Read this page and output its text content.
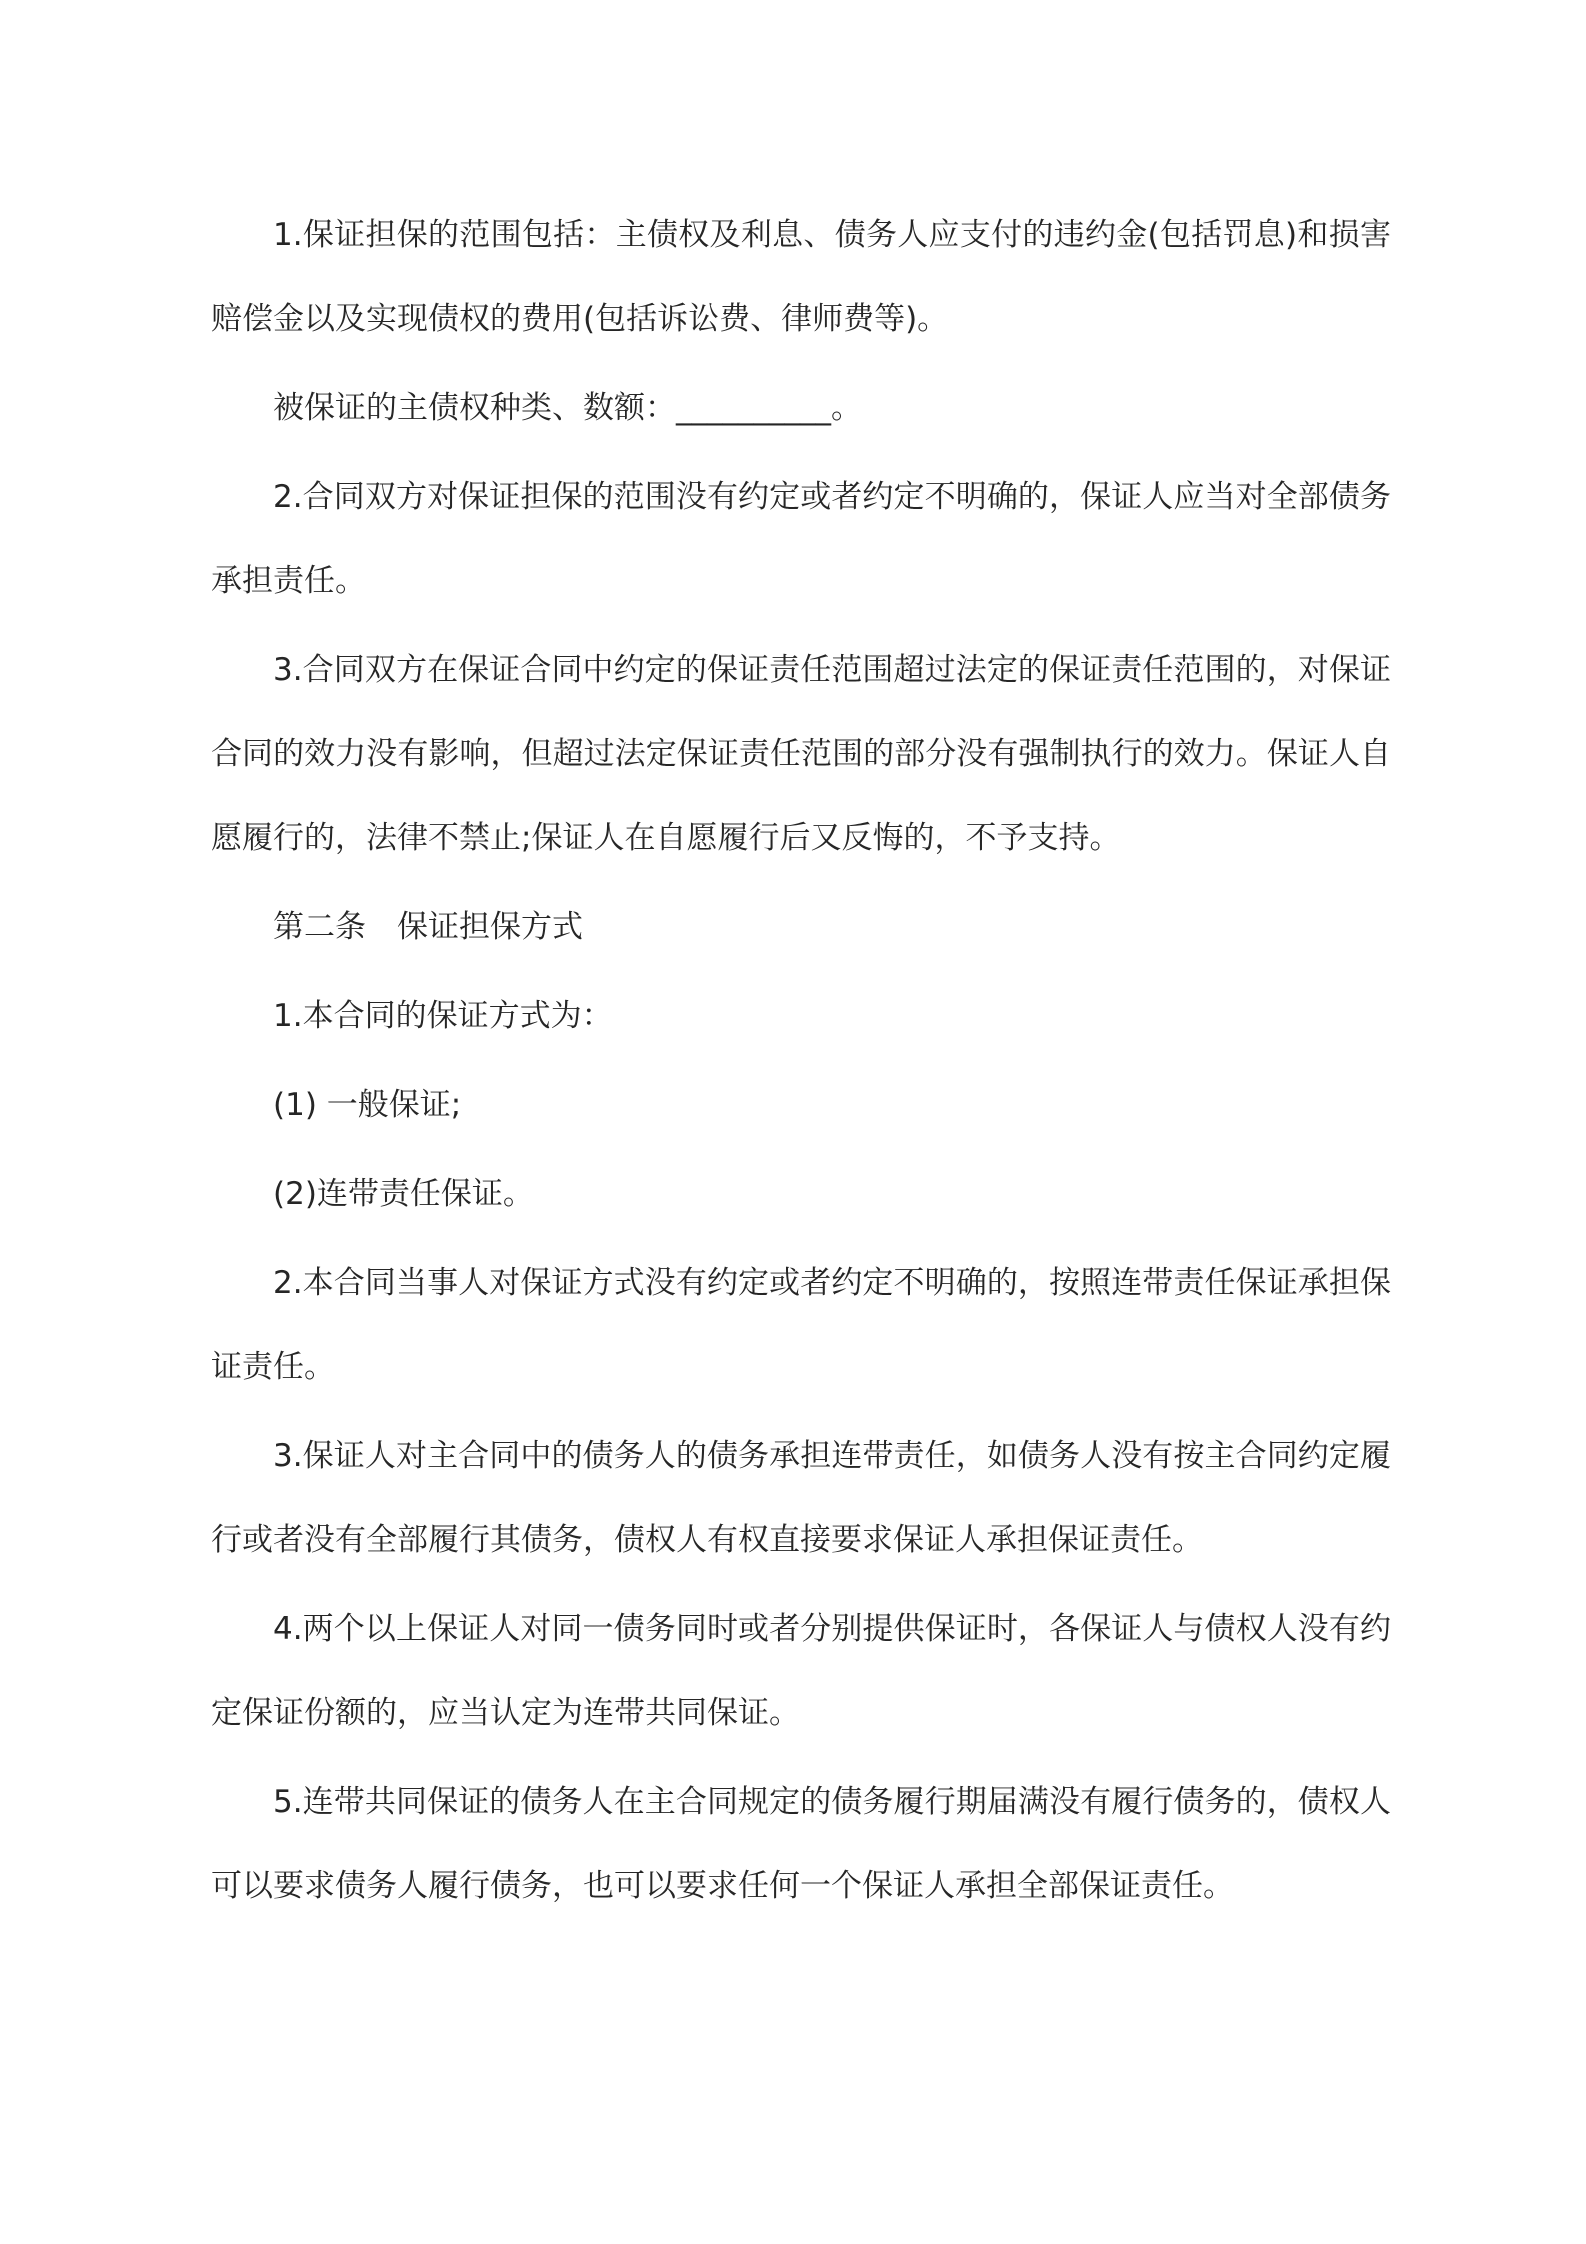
1.保证担保的范围包括：主债权及利息、债务人应支付的违约金(包括罚息)和损害赔偿金以及实现债权的费用(包括诉讼费、律师费等)。

被保证的主债权种类、数额：__________。

2.合同双方对保证担保的范围没有约定或者约定不明确的，保证人应当对全部债务承担责任。

3.合同双方在保证合同中约定的保证责任范围超过法定的保证责任范围的，对保证合同的效力没有影响，但超过法定保证责任范围的部分没有强制执行的效力。保证人自愿履行的，法律不禁止;保证人在自愿履行后又反悔的，不予支持。

第二条　保证担保方式

1.本合同的保证方式为：

(1) 一般保证;

(2)连带责任保证。

2.本合同当事人对保证方式没有约定或者约定不明确的，按照连带责任保证承担保证责任。

3.保证人对主合同中的债务人的债务承担连带责任，如债务人没有按主合同约定履行或者没有全部履行其债务，债权人有权直接要求保证人承担保证责任。

4.两个以上保证人对同一债务同时或者分别提供保证时，各保证人与债权人没有约定保证份额的，应当认定为连带共同保证。

5.连带共同保证的债务人在主合同规定的债务履行期届满没有履行债务的，债权人可以要求债务人履行债务，也可以要求任何一个保证人承担全部保证责任。
